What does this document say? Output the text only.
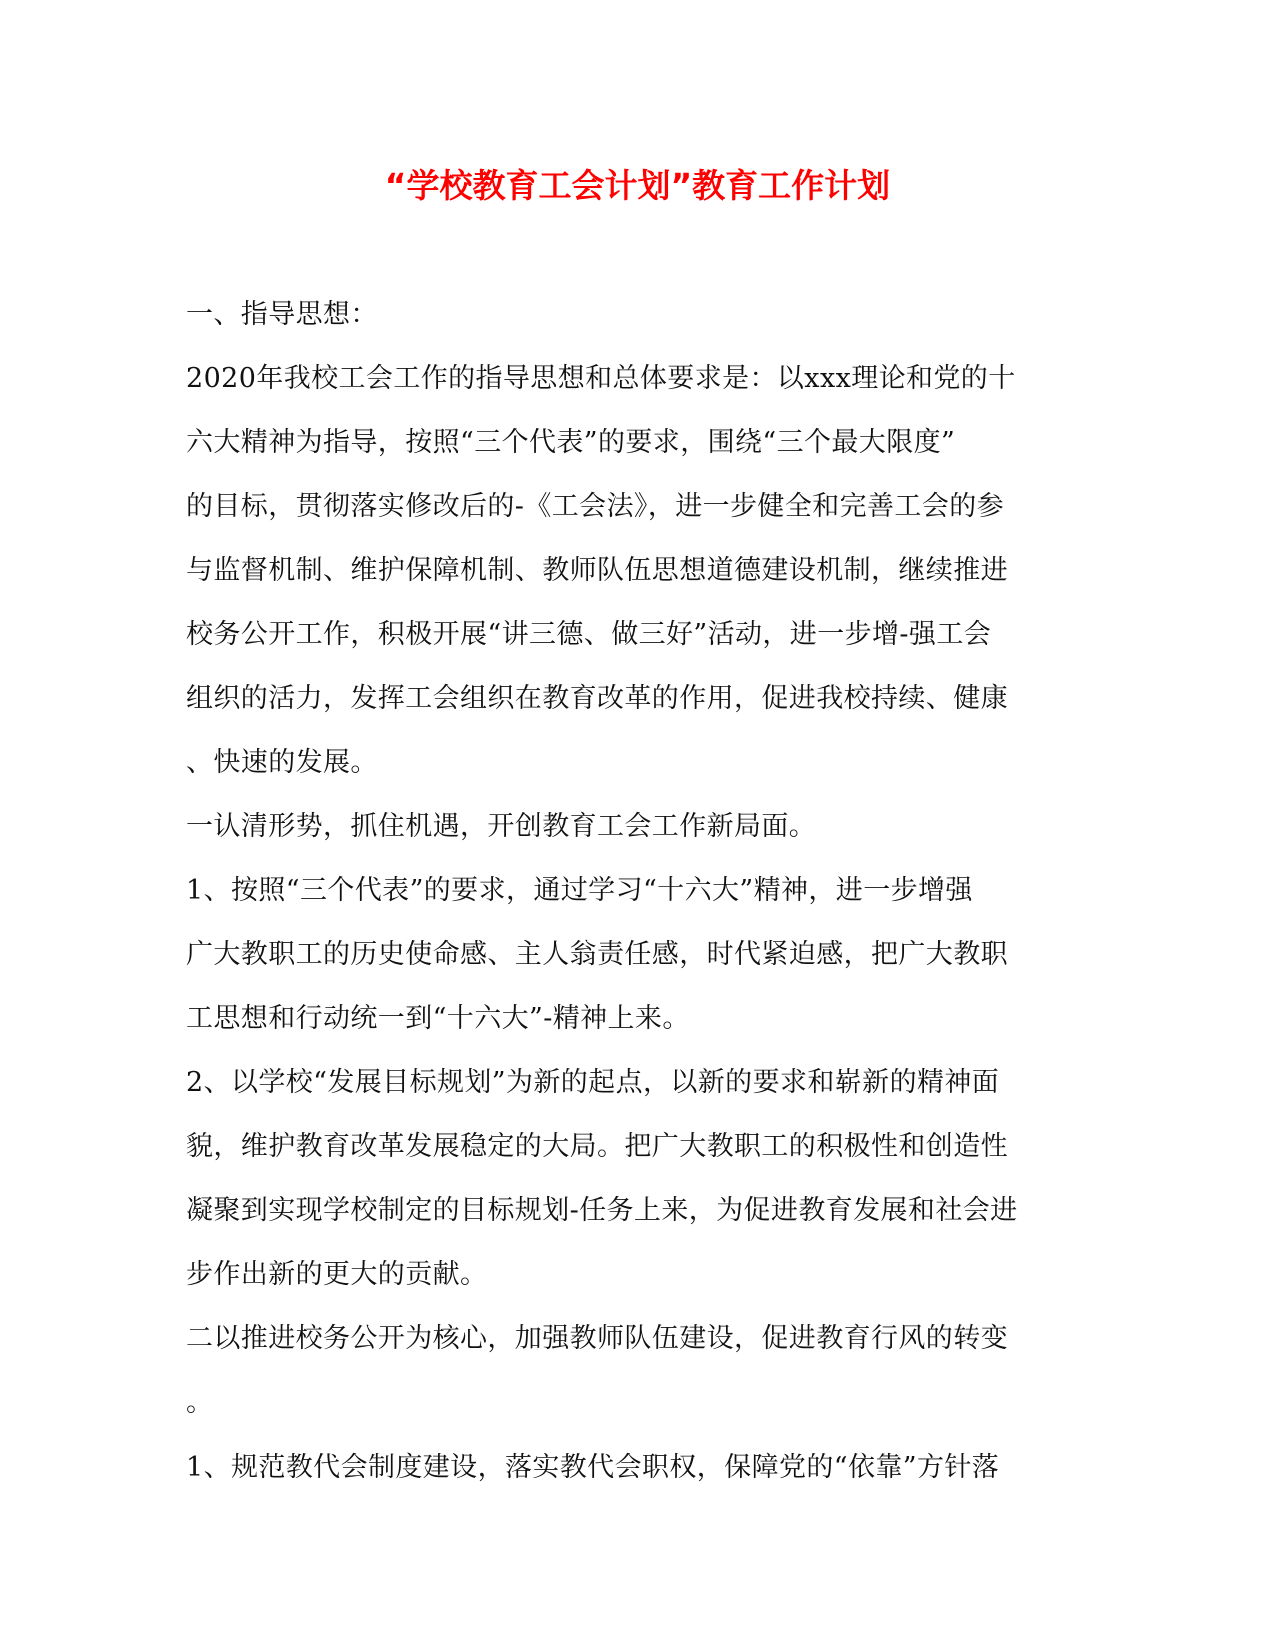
“学校教育工会计划”教育工作计划
一、指导思想：
2020年我校工会工作的指导思想和总体要求是：以xxx理论和党的十
六大精神为指导，按照“三个代表”的要求，围绕“三个最大限度”
的目标，贯彻落实修改后的-《工会法》，进一步健全和完善工会的参
与监督机制、维护保障机制、教师队伍思想道德建设机制，继续推进
校务公开工作，积极开展“讲三德、做三好”活动，进一步增-强工会
组织的活力，发挥工会组织在教育改革的作用，促进我校持续、健康
、快速的发展。
一认清形势，抓住机遇，开创教育工会工作新局面。
1、按照“三个代表”的要求，通过学习“十六大”精神，进一步增强
广大教职工的历史使命感、主人翁责任感，时代紧迫感，把广大教职
工思想和行动统一到“十六大”-精神上来。
2、以学校“发展目标规划”为新的起点，以新的要求和崭新的精神面
貌，维护教育改革发展稳定的大局。把广大教职工的积极性和创造性
凝聚到实现学校制定的目标规划-任务上来，为促进教育发展和社会进
步作出新的更大的贡献。
二以推进校务公开为核心，加强教师队伍建设，促进教育行风的转变
。
1、规范教代会制度建设，落实教代会职权，保障党的“依靠”方针落
